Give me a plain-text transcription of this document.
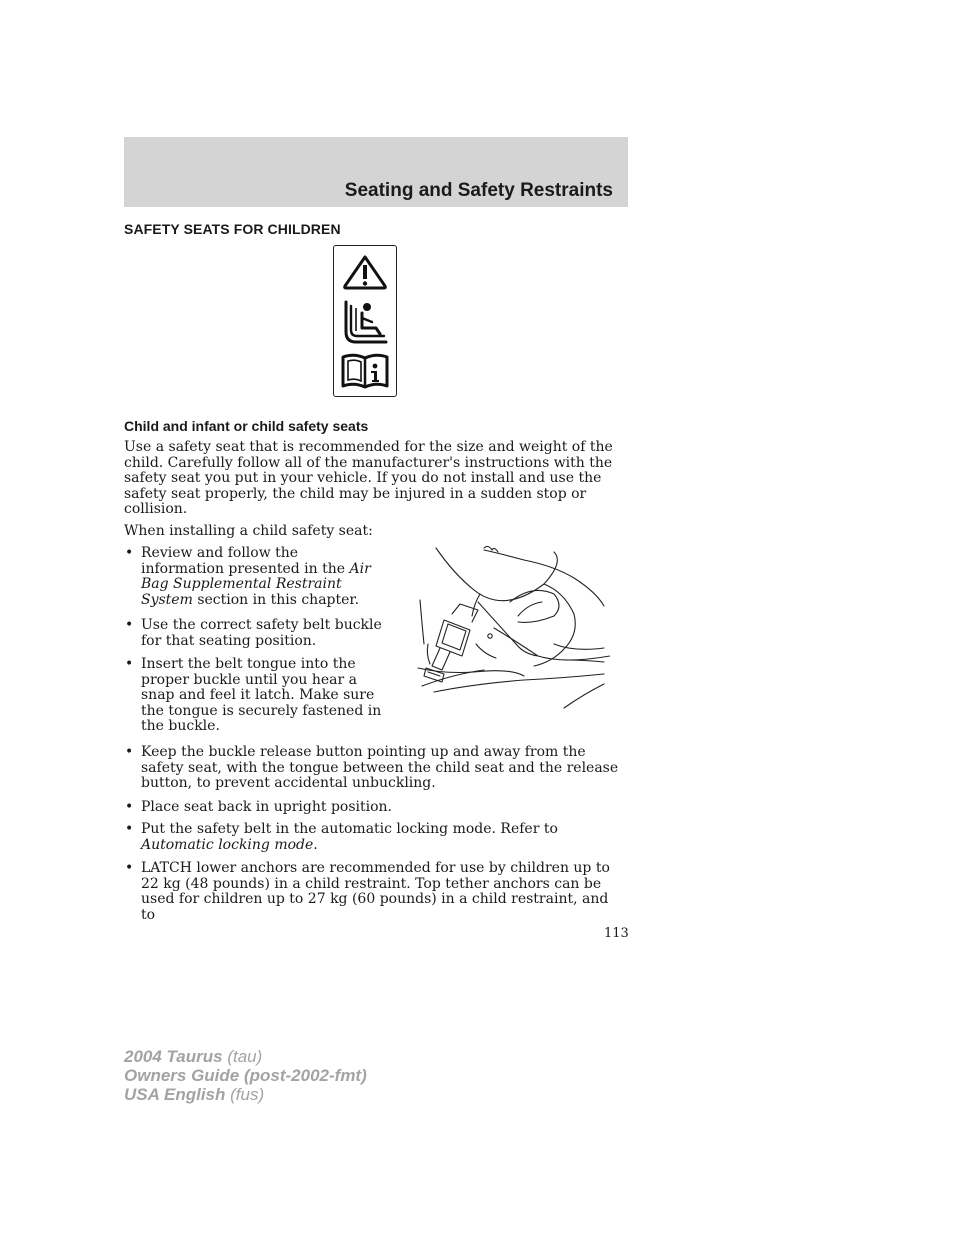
Seating and Safety Restraints
SAFETY SEATS FOR CHILDREN
Child and infant or child safety seats

Use a safety seat that is recommended for the size and weight of the child. Carefully follow all of the manufacturer's instructions with the safety seat you put in your vehicle. If you do not install and use the safety seat properly, the child may be injured in a sudden stop or collision.

When installing a child safety seat:

• Review and follow the information presented in the Air Bag Supplemental Restraint System section in this chapter.
• Use the correct safety belt buckle for that seating position.
• Insert the belt tongue into the proper buckle until you hear a snap and feel it latch. Make sure the tongue is securely fastened in the buckle.
• Keep the buckle release button pointing up and away from the safety seat, with the tongue between the child seat and the release button, to prevent accidental unbuckling.
• Place seat back in upright position.
• Put the safety belt in the automatic locking mode. Refer to Automatic locking mode.
• LATCH lower anchors are recommended for use by children up to 22 kg (48 pounds) in a child restraint. Top tether anchors can be used for children up to 27 kg (60 pounds) in a child restraint, and to
113
2004 Taurus (tau)
Owners Guide (post-2002-fmt)
USA English (fus)
